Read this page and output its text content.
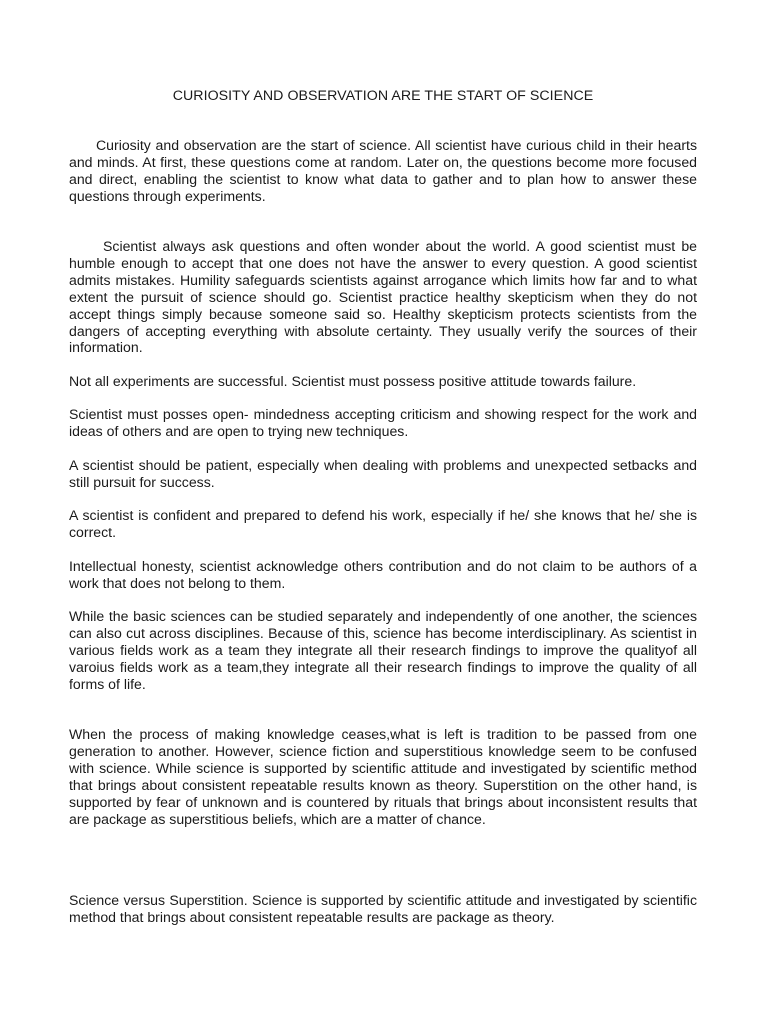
CURIOSITY AND OBSERVATION ARE THE START OF SCIENCE

Curiosity and observation are the start of science. All scientist have curious child in their hearts and minds. At first, these questions come at random. Later on, the questions become more focused and direct, enabling the scientist to know what data to gather and to plan how to answer these questions through experiments.

Scientist always ask questions and often wonder about the world. A good scientist must be humble enough to accept that one does not have the answer to every question. A good scientist admits mistakes. Humility safeguards scientists against arrogance which limits how far and to what extent the pursuit of science should go. Scientist practice healthy skepticism when they do not accept things simply because someone said so. Healthy skepticism protects scientists from the dangers of accepting everything with absolute certainty. They usually verify the sources of their information.

Not all experiments are successful. Scientist must possess positive attitude towards failure.

Scientist must posses open- mindedness accepting criticism and showing respect for the work and ideas of others and are open to trying new techniques.

A scientist should be patient, especially when dealing with problems and unexpected setbacks and still pursuit for success.

A scientist is confident and prepared to defend his work, especially if he/ she knows that he/ she is correct.

Intellectual honesty, scientist acknowledge others contribution and do not claim to be authors of a work that does not belong to them.

While the basic sciences can be studied separately and independently of one another, the sciences can also cut across disciplines. Because of this, science has become interdisciplinary. As scientist in various fields work as a team they integrate all their research findings to improve the qualityof all varoius fields work as a team,they integrate all their research findings to improve the quality of all forms of life.

When the process of making knowledge ceases,what is left is tradition to be passed from one generation to another. However, science fiction and superstitious knowledge seem to be confused with science. While science is supported by scientific attitude and investigated by scientific method that brings about consistent repeatable results known as theory. Superstition on the other hand, is supported by fear of unknown and is countered by rituals that brings about inconsistent results that are package as superstitious beliefs, which are a matter of chance.

Science versus Superstition. Science is supported by scientific attitude and investigated by scientific method that brings about consistent repeatable results are package as theory.
